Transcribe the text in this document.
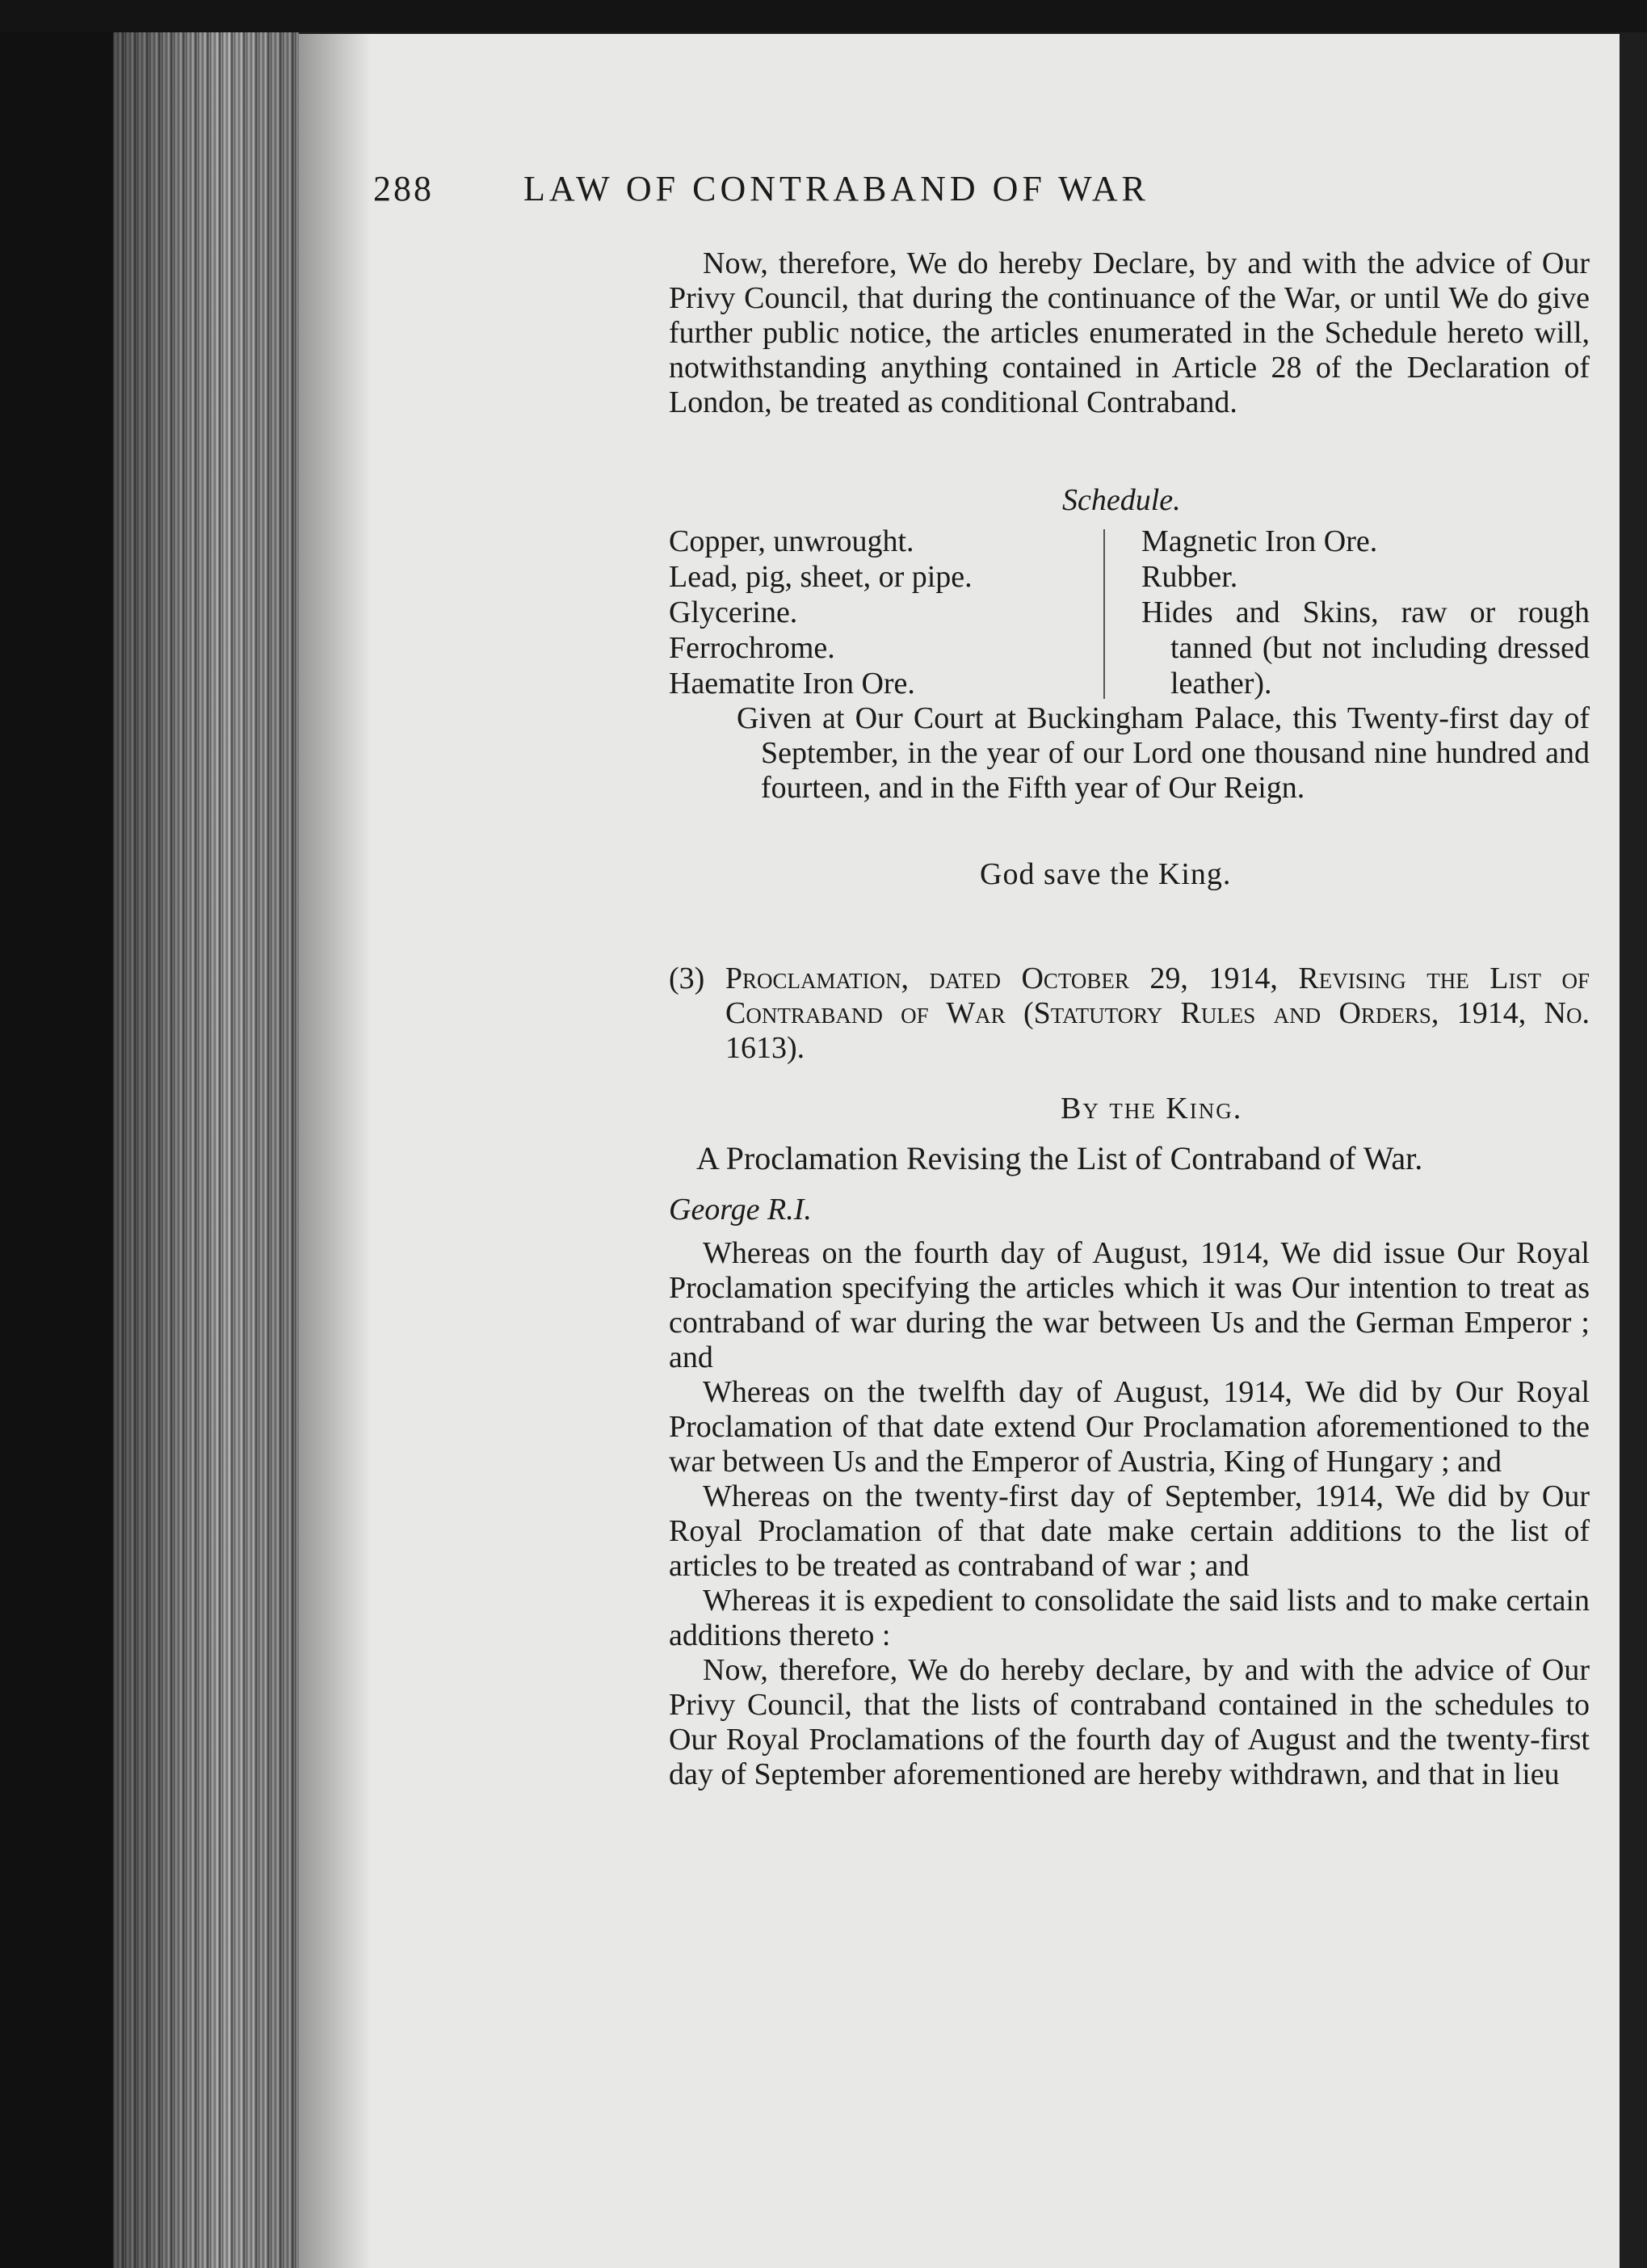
288	LAW OF CONTRABAND OF WAR

Now, therefore, We do hereby Declare, by and with the advice of Our Privy Council, that during the continuance of the War, or until We do give further public notice, the articles enumerated in the Schedule hereto will, notwithstanding anything contained in Article 28 of the Declaration of London, be treated as conditional Contraband.

Schedule.
Copper, unwrought.
Lead, pig, sheet, or pipe.
Glycerine.
Ferrochrome.
Haematite Iron Ore.
Magnetic Iron Ore.
Rubber.
Hides and Skins, raw or rough tanned (but not including dressed leather).

Given at Our Court at Buckingham Palace, this Twenty-first day of September, in the year of our Lord one thousand nine hundred and fourteen, and in the Fifth year of Our Reign.

God save the King.

(3) Proclamation, dated October 29, 1914, Revising the List of Contraband of War (Statutory Rules and Orders, 1914, No. 1613).

By the King.
A Proclamation Revising the List of Contraband of War.
George R.I.

Whereas on the fourth day of August, 1914, We did issue Our Royal Proclamation specifying the articles which it was Our intention to treat as contraband of war during the war between Us and the German Emperor ; and

Whereas on the twelfth day of August, 1914, We did by Our Royal Proclamation of that date extend Our Proclamation aforementioned to the war between Us and the Emperor of Austria, King of Hungary ; and

Whereas on the twenty-first day of September, 1914, We did by Our Royal Proclamation of that date make certain additions to the list of articles to be treated as contraband of war ; and

Whereas it is expedient to consolidate the said lists and to make certain additions thereto :

Now, therefore, We do hereby declare, by and with the advice of Our Privy Council, that the lists of contraband contained in the schedules to Our Royal Proclamations of the fourth day of August and the twenty-first day of September aforementioned are hereby withdrawn, and that in lieu
